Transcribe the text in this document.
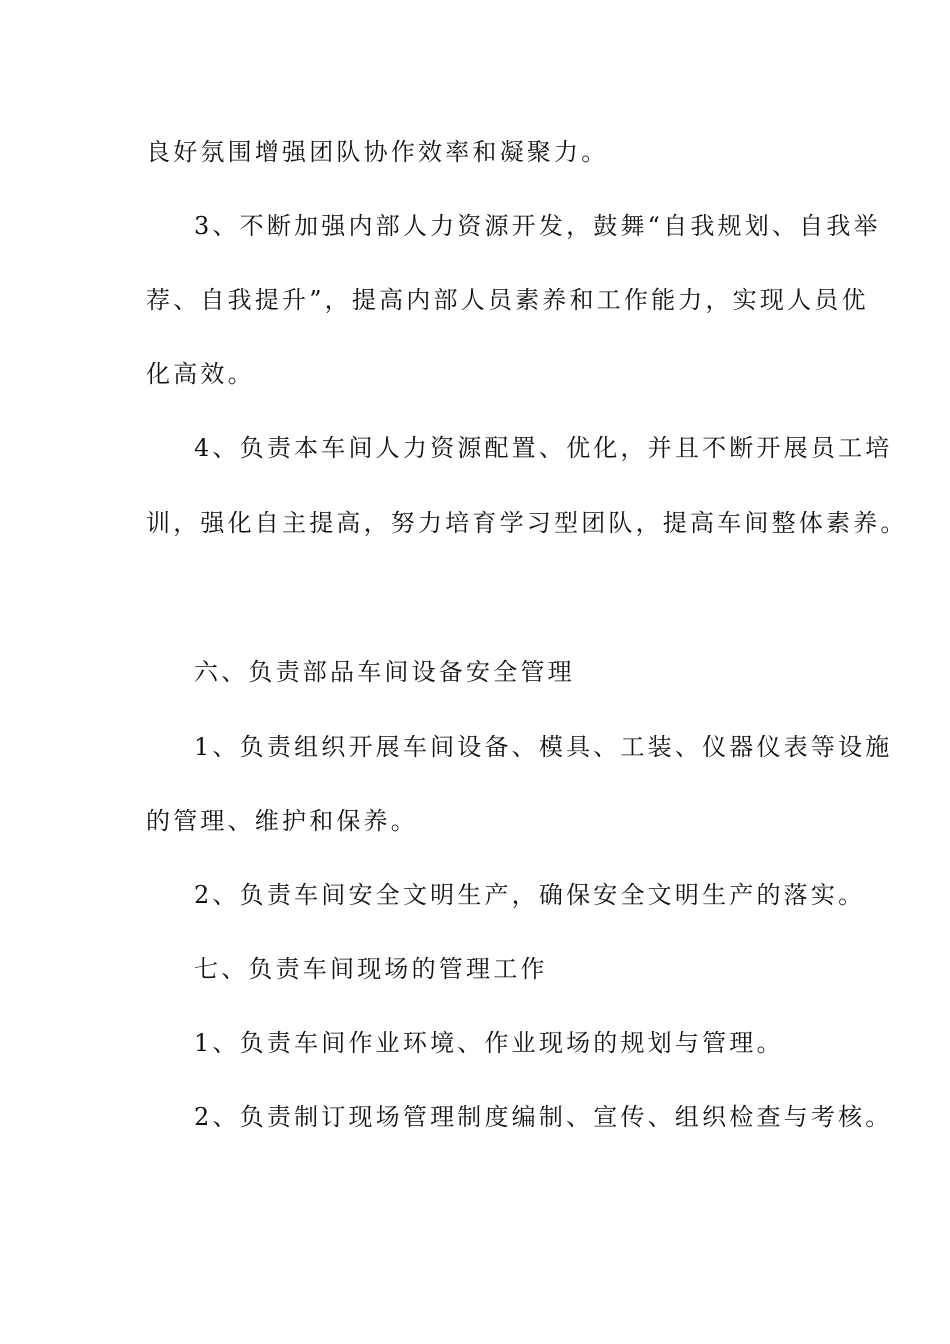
良好氛围增强团队协作效率和凝聚力。
3、不断加强内部人力资源开发，鼓舞“自我规划、自我举
荐、自我提升”，提高内部人员素养和工作能力，实现人员优
化高效。
4、负责本车间人力资源配置、优化，并且不断开展员工培
训，强化自主提高，努力培育学习型团队，提高车间整体素养。
六、负责部品车间设备安全管理
1、负责组织开展车间设备、模具、工装、仪器仪表等设施
的管理、维护和保养。
2、负责车间安全文明生产，确保安全文明生产的落实。
七、负责车间现场的管理工作
1、负责车间作业环境、作业现场的规划与管理。
2、负责制订现场管理制度编制、宣传、组织检查与考核。
